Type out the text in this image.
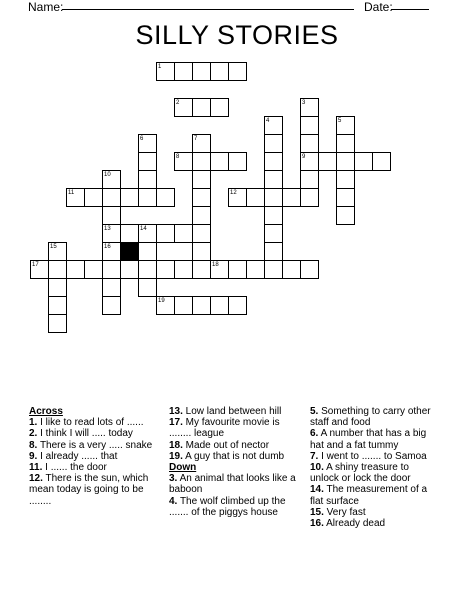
Name:	Date:
SILLY STORIES
1
2	3
4	5
6	7
8	9
10
11	12
13	14
15	16
17	18
19
Across
1. I like to read lots of ......
2. I think I will ..... today
8. There is a very ..... snake
9. I already ...... that
11. I ...... the door
12. There is the sun, which mean today is going to be ........
13. Low land between hill
17. My favourite movie is ........ league
18. Made out of nector
19. A guy that is not dumb
Down
3. An animal that looks like a baboon
4. The wolf climbed up the ....... of the piggys house
5. Something to carry other staff and food
6. A number that has a big hat and a fat tummy
7. I went to ....... to Samoa
10. A shiny treasure to unlock or lock the door
14. The measurement of a flat surface
15. Very fast
16. Already dead
